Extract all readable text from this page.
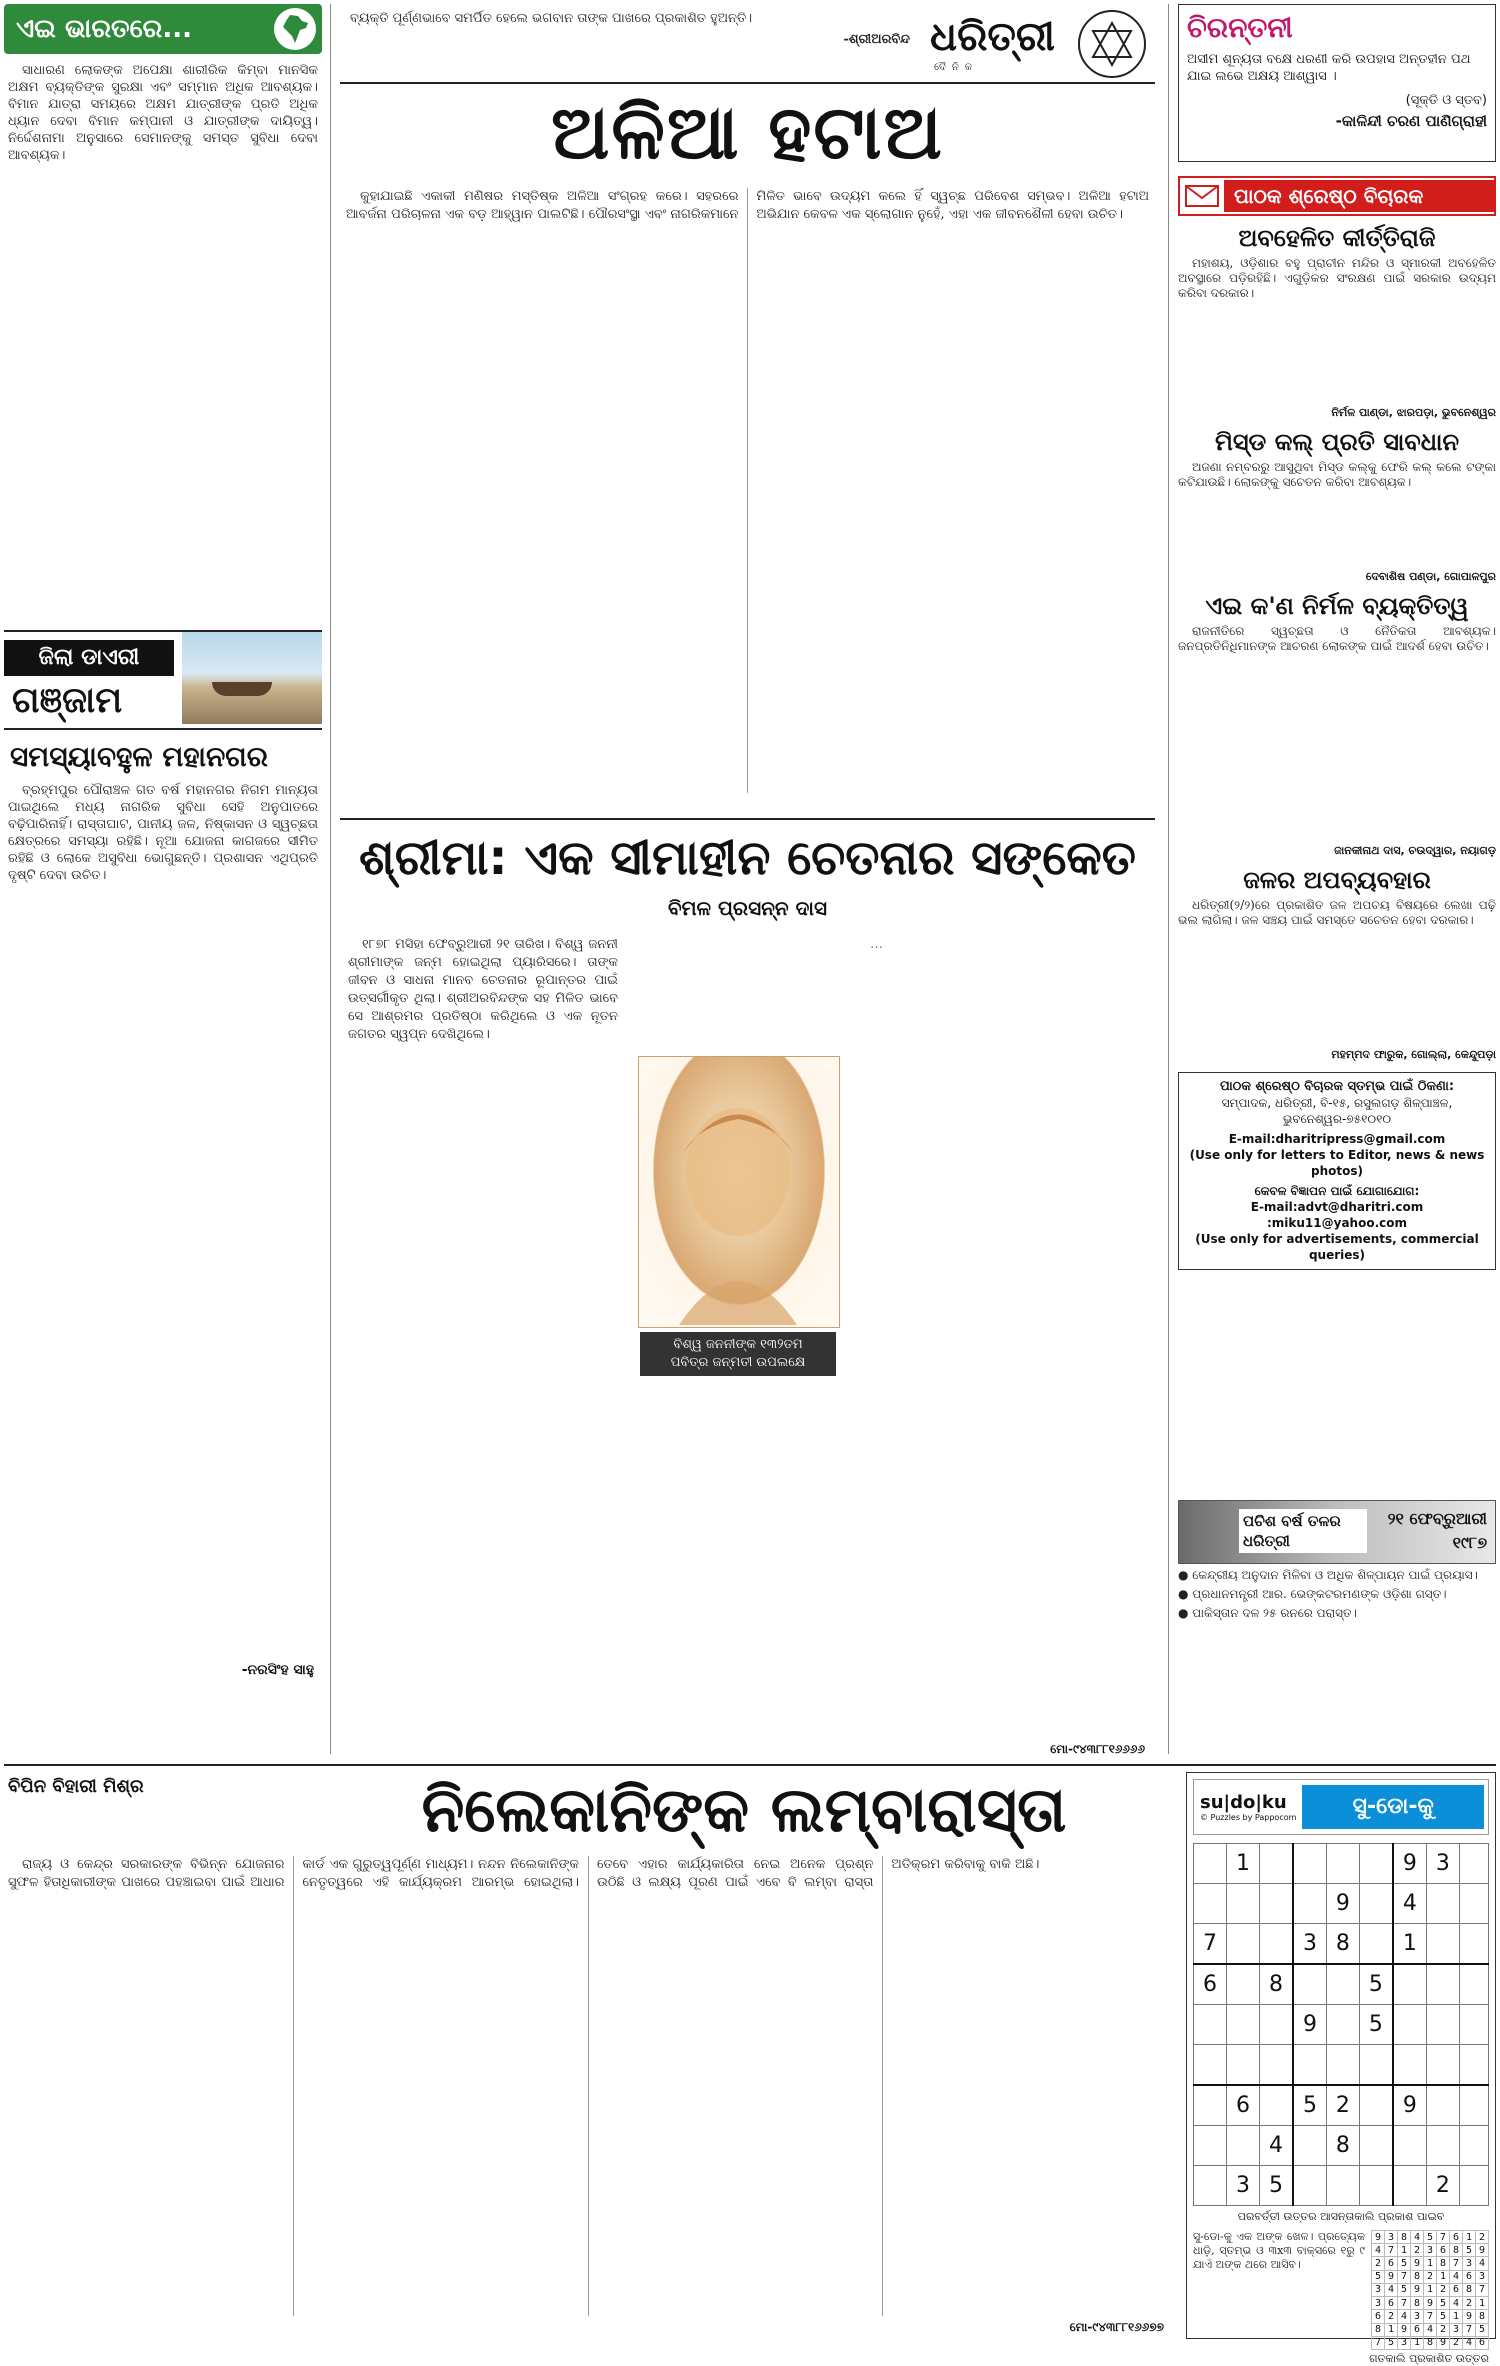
ଏଇ ଭାରତରେ...

ସାଧାରଣ ଲୋକଙ୍କ ଅପେକ୍ଷା ଶାରୀରିକ କିମ୍ବା ମାନସିକ ଅକ୍ଷମ ବ୍ୟକ୍ତିଙ୍କ ସୁରକ୍ଷା ଏବଂ ସମ୍ମାନ ଅଧିକ ଆବଶ୍ୟକ। ବିମାନ ଯାତ୍ରା ସମୟରେ ଅକ୍ଷମ ଯାତ୍ରୀଙ୍କ ପ୍ରତି ଅଧିକ ଧ୍ୟାନ ଦେବା ବିମାନ କମ୍ପାନୀ ଓ ଯାତ୍ରୀଙ୍କ ଦାୟିତ୍ୱ। ନିର୍ଦ୍ଦେଶନାମା ଅନୁସାରେ ସେମାନଙ୍କୁ ସମସ୍ତ ସୁବିଧା ଦେବା ଆବଶ୍ୟକ।

ଜିଲା ଡାଏରୀ
ଗଞ୍ଜାମ
ସମସ୍ୟାବହୁଳ ମହାନଗର

ବ୍ରହ୍ମପୁର ପୌରାଞ୍ଚଳ ଗତ ବର୍ଷ ମହାନଗର ନିଗମ ମାନ୍ୟତା ପାଇଥିଲେ ମଧ୍ୟ ନାଗରିକ ସୁବିଧା ସେହି ଅନୁପାତରେ ବଢ଼ିପାରିନାହିଁ। ରାସ୍ତାଘାଟ, ପାନୀୟ ଜଳ, ନିଷ୍କାସନ ଓ ସ୍ୱଚ୍ଛତା କ୍ଷେତ୍ରରେ ସମସ୍ୟା ରହିଛି। ନୂଆ ଯୋଜନା କାଗଜରେ ସୀମିତ ରହିଛି ଓ ଲୋକେ ଅସୁବିଧା ଭୋଗୁଛନ୍ତି। ପ୍ରଶାସନ ଏଥିପ୍ରତି ଦୃଷ୍ଟି ଦେବା ଉଚିତ।

-ନରସିଂହ ସାହୁ
ବ୍ୟକ୍ତି ପୂର୍ଣ୍ଣଭାବେ ସମର୍ପିତ ହେଲେ ଭଗବାନ ତାଙ୍କ ପାଖରେ ପ୍ରକାଶିତ ହୁଅନ୍ତି।
-ଶ୍ରୀଅରବିନ୍ଦ ଧରିତ୍ରୀ
ଦୈନିକ
ଚିରନ୍ତନୀ
ଅସୀମ ଶୂନ୍ୟତା ବକ୍ଷେ ଧରଣୀ କରି ଉପହାସ ଅନ୍ତହୀନ ପଥ ଯାଇ ଲଭେ ଅକ୍ଷୟ ଆଶ୍ୱାସ ।
(ସୂକ୍ତି ଓ ସ୍ତବ)
-କାଳିନ୍ଦୀ ଚରଣ ପାଣିଗ୍ରାହୀ
ଅଳିଆ ହଟାଅ

କୁହାଯାଇଛି ଏକାକୀ ମଣିଷର ମସ୍ତିଷ୍କ ଅଳିଆ ସଂଗ୍ରହ କରେ। ସହରରେ ଆବର୍ଜନା ପରିଚାଳନା ଏକ ବଡ଼ ଆହ୍ୱାନ ପାଲଟିଛି। ପୌରସଂସ୍ଥା ଏବଂ ନାଗରିକମାନେ ମିଳିତ ଭାବେ ଉଦ୍ୟମ କଲେ ହିଁ ସ୍ୱଚ୍ଛ ପରିବେଶ ସମ୍ଭବ। ଅଳିଆ ହଟାଅ ଅଭିଯାନ କେବଳ ଏକ ସ୍ଲୋଗାନ ନୁହେଁ, ଏହା ଏକ ଜୀବନଶୈଳୀ ହେବା ଉଚିତ।

ଶ୍ରୀମା: ଏକ ସୀମାହୀନ ଚେତନାର ସଙ୍କେତ
ବିମଳ ପ୍ରସନ୍ନ ଦାସ

୧୮୭୮ ମସିହା ଫେବ୍ରୁଆରୀ ୨୧ ତାରିଖ। ବିଶ୍ୱ ଜନନୀ ଶ୍ରୀମାଙ୍କ ଜନ୍ମ ହୋଇଥିଲା ପ୍ୟାରିସରେ। ତାଙ୍କ ଜୀବନ ଓ ସାଧନା ମାନବ ଚେତନାର ରୂପାନ୍ତର ପାଇଁ ଉତ୍ସର୍ଗୀକୃତ ଥିଲା। ଶ୍ରୀଅରବିନ୍ଦଙ୍କ ସହ ମିଳିତ ଭାବେ ସେ ଆଶ୍ରମର ପ୍ରତିଷ୍ଠା କରିଥିଲେ ଓ ଏକ ନୂତନ ଜଗତର ସ୍ୱପ୍ନ ଦେଖିଥିଲେ।

ବିଶ୍ୱ ଜନନୀଙ୍କ ୧୩୨ତମ
ପବିତ୍ର ଜନ୍ମତୀ ଉପଲକ୍ଷେ

…

ମୋ-୯୪୩୮୮୧୬୬୬୬
ପାଠକ ଶ୍ରେଷ୍ଠ ବିଚାରକ
ଅବହେଳିତ କୀର୍ତ୍ତିରାଜି

ମହାଶୟ, ଓଡ଼ିଶାର ବହୁ ପ୍ରାଚୀନ ମନ୍ଦିର ଓ ସ୍ମାରକୀ ଅବହେଳିତ ଅବସ୍ଥାରେ ପଡ଼ିରହିଛି। ଏଗୁଡ଼ିକର ସଂରକ୍ଷଣ ପାଇଁ ସରକାର ଉଦ୍ୟମ କରିବା ଦରକାର।

ନିର୍ମଳ ପାଣ୍ଡା, ଝାରପଡ଼ା, ଭୁବନେଶ୍ୱର
ମିସ୍ଡ କଲ୍ ପ୍ରତି ସାବଧାନ

ଅଜଣା ନମ୍ବରରୁ ଆସୁଥିବା ମିସ୍ଡ କଲ୍‌କୁ ଫେରି କଲ୍ କଲେ ଟଙ୍କା କଟିଯାଉଛି। ଲୋକଙ୍କୁ ସଚେତନ କରିବା ଆବଶ୍ୟକ।

ଦେବାଶିଷ ପଣ୍ଡା, ଗୋପାଳପୁର
ଏଇ କ'ଣ ନିର୍ମଳ ବ୍ୟକ୍ତିତ୍ୱ

ରାଜନୀତିରେ ସ୍ୱଚ୍ଛତା ଓ ନୈତିକତା ଆବଶ୍ୟକ। ଜନପ୍ରତିନିଧିମାନଙ୍କ ଆଚରଣ ଲୋକଙ୍କ ପାଇଁ ଆଦର୍ଶ ହେବା ଉଚିତ।

ଜାନକୀନାଥ ଦାସ, ଚଉଦ୍ୱାର, ନୟାଗଡ଼
ଜଳର ଅପବ୍ୟବହାର

ଧରିତ୍ରୀ(୨/୨)ରେ ପ୍ରକାଶିତ ଜଳ ଅପଚୟ ବିଷୟରେ ଲେଖା ପଢ଼ି ଭଲ ଲାଗିଲା। ଜଳ ସଞ୍ଚୟ ପାଇଁ ସମସ୍ତେ ସଚେତନ ହେବା ଦରକାର।

ମହମ୍ମଦ ଫାରୁକ, ଗୋଲ୍ଲା, କେନ୍ଦୁପଡ଼ା
ପାଠକ ଶ୍ରେଷ୍ଠ ବିଚାରକ ସ୍ତମ୍ଭ ପାଇଁ ଠିକଣା:
ସମ୍ପାଦକ, ଧରିତ୍ରୀ, ବି-୧୫, ରସୁଲଗଡ଼ ଶିଳ୍ପାଞ୍ଚଳ, ଭୁବନେଶ୍ୱର-୭୫୧୦୧୦
E-mail:dharitripress@gmail.com
(Use only for letters to Editor, news & news photos)
କେବଳ ବିଜ୍ଞାପନ ପାଇଁ ଯୋଗାଯୋଗ:
E-mail:advt@dharitri.com
:miku11@yahoo.com
(Use only for advertisements, commercial queries)
ପଚିଶ ବର୍ଷ ତଳର ଧରିତ୍ରୀ
୨୧ ଫେବ୍ରୁଆରୀ
୧୯୮୭
● କେନ୍ଦ୍ରୀୟ ଅନୁଦାନ ମିଳିବା ଓ ଅଧିକ ଶିଳ୍ପାୟନ ପାଇଁ ପ୍ରୟାସ।
● ପ୍ରଧାନମନ୍ତ୍ରୀ ଆର. ଭେଙ୍କଟରମଣଙ୍କ ଓଡ଼ିଶା ଗସ୍ତ।
● ପାକିସ୍ତାନ ଦଳ ୨୫ ରନରେ ପରାସ୍ତ।
ବିପିନ ବିହାରୀ ମିଶ୍ର	ନିଲେକାନିଙ୍କ ଲମ୍ବାରାସ୍ତା

ରାଜ୍ୟ ଓ କେନ୍ଦ୍ର ସରକାରଙ୍କ ବିଭିନ୍ନ ଯୋଜନାର ସୁଫଳ ହିତାଧିକାରୀଙ୍କ ପାଖରେ ପହଞ୍ଚାଇବା ପାଇଁ ଆଧାର କାର୍ଡ ଏକ ଗୁରୁତ୍ୱପୂର୍ଣ୍ଣ ମାଧ୍ୟମ। ନନ୍ଦନ ନିଲେକାନିଙ୍କ ନେତୃତ୍ୱରେ ଏହି କାର୍ଯ୍ୟକ୍ରମ ଆରମ୍ଭ ହୋଇଥିଲା। ତେବେ ଏହାର କାର୍ଯ୍ୟକାରିତା ନେଇ ଅନେକ ପ୍ରଶ୍ନ ଉଠିଛି ଓ ଲକ୍ଷ୍ୟ ପୂରଣ ପାଇଁ ଏବେ ବି ଲମ୍ବା ରାସ୍ତା ଅତିକ୍ରମ କରିବାକୁ ବାକି ଅଛି।

ମୋ-୯୪୩୮୮୧୬୬୭୭
su|do|ku
© Puzzles by Pappocom	ସୁ-ଡୋ-କୁ
	1					9	3	
				9		4		
7			3	8		1		
6		8			5			
			9		5			

	6		5	2		9		
		4		8				
	3	5					2	
ପରବର୍ତ୍ତୀ ଉତ୍ତର ଆସନ୍ତାକାଲି ପ୍ରକାଶ ପାଇବ
ସୁ-ଡୋ-କୁ ଏକ ଅଙ୍କ ଖେଳ। ପ୍ରତ୍ୟେକ ଧାଡ଼ି, ସ୍ତମ୍ଭ ଓ ୩x୩ ବାକ୍ସରେ ୧ରୁ ୯ ଯାଏଁ ଅଙ୍କ ଥରେ ଆସିବ।
9	3	8	4	5	7	6	1	2
4	7	1	2	3	6	8	5	9
2	6	5	9	1	8	7	3	4
5	9	7	8	2	1	4	6	3
3	4	5	9	1	2	6	8	7
3	6	7	8	9	5	4	2	1
6	2	4	3	7	5	1	9	8
8	1	9	6	4	2	3	7	5
7	5	3	1	8	9	2	4	6
ଗତକାଲି ପ୍ରକାଶିତ ଉତ୍ତର
